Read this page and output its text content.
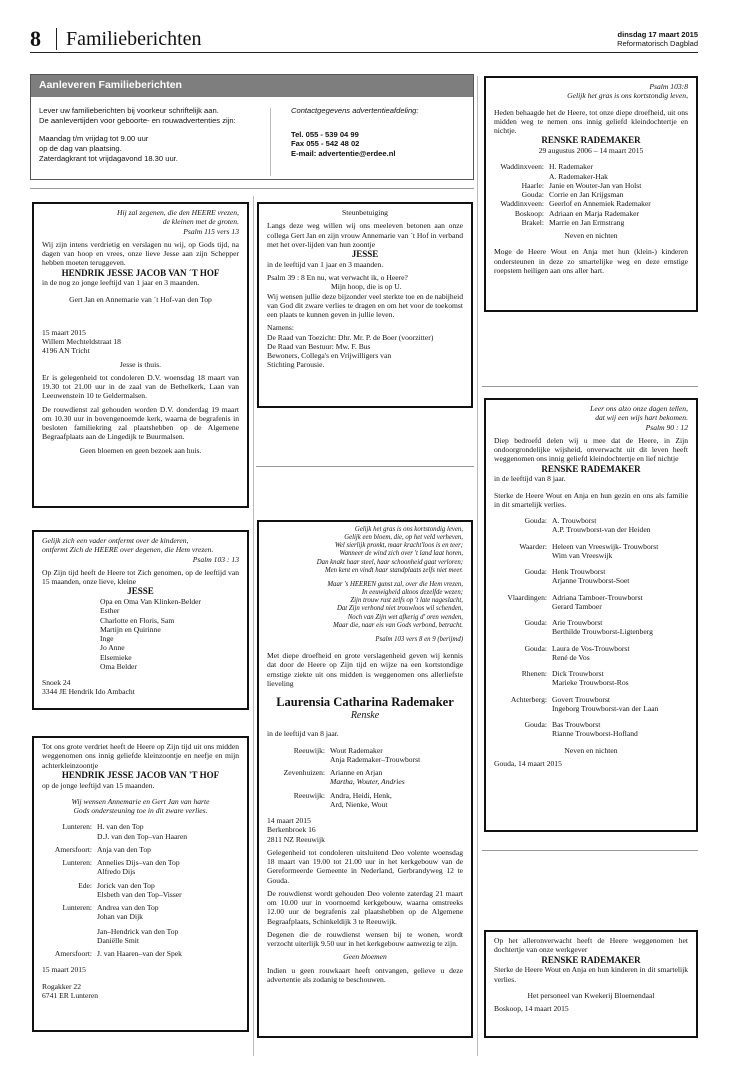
8 Familieberichten	dinsdag 17 maart 2015
Reformatorisch Dagblad
Aanleveren Familieberichten
Lever uw familieberichten bij voorkeur schriftelijk aan.
De aanlevertijden voor geboorte- en rouwadvertenties zijn:
Maandag t/m vrijdag tot 9.00 uur
op de dag van plaatsing.
Zaterdagkrant tot vrijdagavond 18.30 uur.
Contactgegevens advertentieafdeling:
Tel. 055 - 539 04 99
Fax 055 - 542 48 02
E-mail: advertentie@erdee.nl

Hij zal zegenen, die den HEERE vrezen,

de kleinen met de groten.

Psalm 115 vers 13

Wij zijn intens verdrietig en verslagen nu wij, op Gods tijd, na dagen van hoop en vrees, onze lieve Jesse aan zijn Schepper hebben moeten teruggeven.

HENDRIK JESSE JACOB VAN ´T HOF

in de nog zo jonge leeftijd van 1 jaar en 3 maanden.

Gert Jan en Annemarie van ´t Hof-van den Top

15 maart 2015

Willem Mechteldstraat 18

4196 AN Tricht

Jesse is thuis.

Er is gelegenheid tot condoleren D.V. woensdag 18 maart van 19.30 tot 21.00 uur in de zaal van de Bethelkerk, Laan van Leeuwenstein 10 te Geldermalsen.

De rouwdienst zal gehouden worden D.V. donderdag 19 maart om 10.30 uur in bovengenoemde kerk, waarna de begrafenis in besloten familiekring zal plaatshebben op de Algemene Begraafplaats aan de Lingedijk te Buurmalsen.

Geen bloemen en geen bezoek aan huis.

Steunbetuiging

Langs deze weg willen wij ons meeleven betonen aan onze collega Gert Jan en zijn vrouw Annemarie van ´t Hof in verband met het over-lijden van hun zoontje

JESSE

in de leeftijd van 1 jaar en 3 maanden.

Psalm 39 : 8 En nu, wat verwacht ik, o Heere?

Mijn hoop, die is op U.

Wij wensen jullie deze bijzonder veel sterkte toe en de nabijheid van God dit zware verlies te dragen en om het voor de toekomst een plaats te kunnen geven in jullie leven.

Namens:

De Raad van Toezicht: Dhr. Mr. P. de Boer (voorzitter)

De Raad van Bestuur: Mw. F. Bus

Bewoners, Collega's en Vrijwilligers van

Stichting Parousie.

Gelijk zich een vader ontfermt over de kinderen,

ontfermt Zich de HEERE over degenen, die Hem vrezen.

Psalm 103 : 13

Op Zijn tijd heeft de Heere tot Zich genomen, op de leeftijd van 15 maanden, onze lieve, kleine

JESSE

Opa en Oma Van Klinken-Belder

Esther

Charlotte en Floris, Sam

Martijn en Quirinne

Inge

Jo Anne

Elsemieke

Oma Belder

Snoek 24

3344 JE Hendrik Ido Ambacht

Tot ons grote verdriet heeft de Heere op Zijn tijd uit ons midden weggenomen ons innig geliefde kleinzoontje en neefje en mijn achterkleinzoontje

HENDRIK JESSE JACOB VAN 'T HOF

op de jonge leeftijd van 15 maanden.

Wij wensen Annemarie en Gert Jan van harte

Gods ondersteuning toe in dit zware verlies.

Lunteren: H. van den Top
D.J. van den Top–van Haaren
Amersfoort: Anja van den Top
Lunteren: Annelies Dijs–van den Top
Alfredo Dijs
Ede: Jorick van den Top
Elsbeth van den Top–Visser
Lunteren: Andrea van den Top
Johan van Dijk
Jan–Hendrick van den Top
Daniëlle Smit
Amersfoort: J. van Haaren–van der Spek

15 maart 2015

Rogakker 22

6741 ER Lunteren

Gelijk het gras is ons kortstondig leven,

Gelijk een bloem, die, op het veld verheven,

Wel sierlijk pronkt, maar kracht'loos is en teer;

Wanneer de wind zich over 't land laat horen,

Dan knakt haar steel, haar schoonheid gaat verloren;

Men kent en vindt haar standplaats zelfs niet meer.

Maar 's HEEREN gunst zal, over die Hem vrezen,

In eeuwigheid altoos dezelfde wezen;

Zijn trouw rust zelfs op 't late nageslacht,

Dat Zijn verbond niet trouwloos wil schenden,

Noch van Zijn wet afkerig d' oren wenden,

Maar die, naar eis van Gods verbond, betracht.

Psalm 103 vers 8 en 9 (berijmd)

Met diepe droefheid en grote verslagenheid geven wij kennis dat door de Heere op Zijn tijd en wijze na een kortstondige ernstige ziekte uit ons midden is weggenomen ons allerliefste lieveling

Laurensia Catharina Rademaker

Renske

in de leeftijd van 8 jaar.

Reeuwijk: Wout Rademaker
Anja Rademaker–Trouwborst
Zevenhuizen: Arianne en Arjan
Martha, Wouter, Andries
Reeuwijk: Andra, Heidi, Henk,
Ard, Nienke, Wout

14 maart 2015

Berkenbroek 16

2811 NZ Reeuwijk

Gelegenheid tot condoleren uitsluitend Deo volente woensdag 18 maart van 19.00 tot 21.00 uur in het kerkgebouw van de Gereformeerde Gemeente in Nederland, Gerbrandyweg 12 te Gouda.

De rouwdienst wordt gehouden Deo volente zaterdag 21 maart om 10.00 uur in voornoemd kerkgebouw, waarna omstreeks 12.00 uur de begrafenis zal plaatshebben op de Algemene Begraafplaats, Schinkeldijk 3 te Reeuwijk.

Degenen die de rouwdienst wensen bij te wonen, wordt verzocht uiterlijk 9.50 uur in het kerkgebouw aanwezig te zijn.

Geen bloemen

Indien u geen rouwkaart heeft ontvangen, gelieve u deze advertentie als zodanig te beschouwen.

Psalm 103:8

Gelijk het gras is ons kortstondig leven,

Heden behaagde het de Heere, tot onze diepe droefheid, uit ons midden weg te nemen ons innig geliefd kleindochtertje en nichtje.

RENSKE RADEMAKER

29 augustus 2006 – 14 maart 2015

Waddinxveen: H. Rademaker
A. Rademaker-Hak
Haarle: Janie en Wouter-Jan van Holst
Gouda: Corrie en Jan Krijgsman
Waddinxveen: Geerlof en Annemiek Rademaker
Boskoop: Adriaan en Marja Rademaker
Brakel: Marrie en Jan Ermstrang

Neven en nichten

Moge de Heere Wout en Anja met hun (klein-) kinderen ondersteunen in deze zo smartelijke weg en deze ernstige roepstem heiligen aan ons aller hart.

Leer ons alzo onze dagen tellen,

dat wij een wijs hart bekomen.

Psalm 90 : 12

Diep bedroefd delen wij u mee dat de Heere, in Zijn ondoorgrondelijke wijsheid, onverwacht uit dit leven heeft weggenomen ons innig geliefd kleindochtertje en lief nichtje

RENSKE RADEMAKER

in de leeftijd van 8 jaar.

Sterke de Heere Wout en Anja en hun gezin en ons als familie in dit smartelijk verlies.

Gouda: A. Trouwborst
A.P. Trouwborst-van der Heiden
Waarder: Heleen van Vreeswijk- Trouwborst
Wim van Vreeswijk
Gouda: Henk Trouwborst
Arjanne Trouwborst-Soet
Vlaardingen: Adriana Tamboer-Trouwborst
Gerard Tamboer
Gouda: Arie Trouwborst
Berthilde Trouwborst-Ligtenberg
Gouda: Laura de Vos-Trouwborst
René de Vos
Rhenen: Dick Trouwborst
Marieke Trouwborst-Ros
Achterberg: Govert Trouwborst
Ingeborg Trouwborst-van der Laan
Gouda: Bas Trouwborst
Rianne Trouwborst-Hofland

Neven en nichten

Gouda, 14 maart 2015

Op het alleronverwacht heeft de Heere weggenomen het dochtertje van onze werkgever

RENSKE RADEMAKER

Sterke de Heere Wout en Anja en hun kinderen in dit smartelijk verlies.

Het personeel van Kwekerij Bloemendaal

Boskoop, 14 maart 2015
